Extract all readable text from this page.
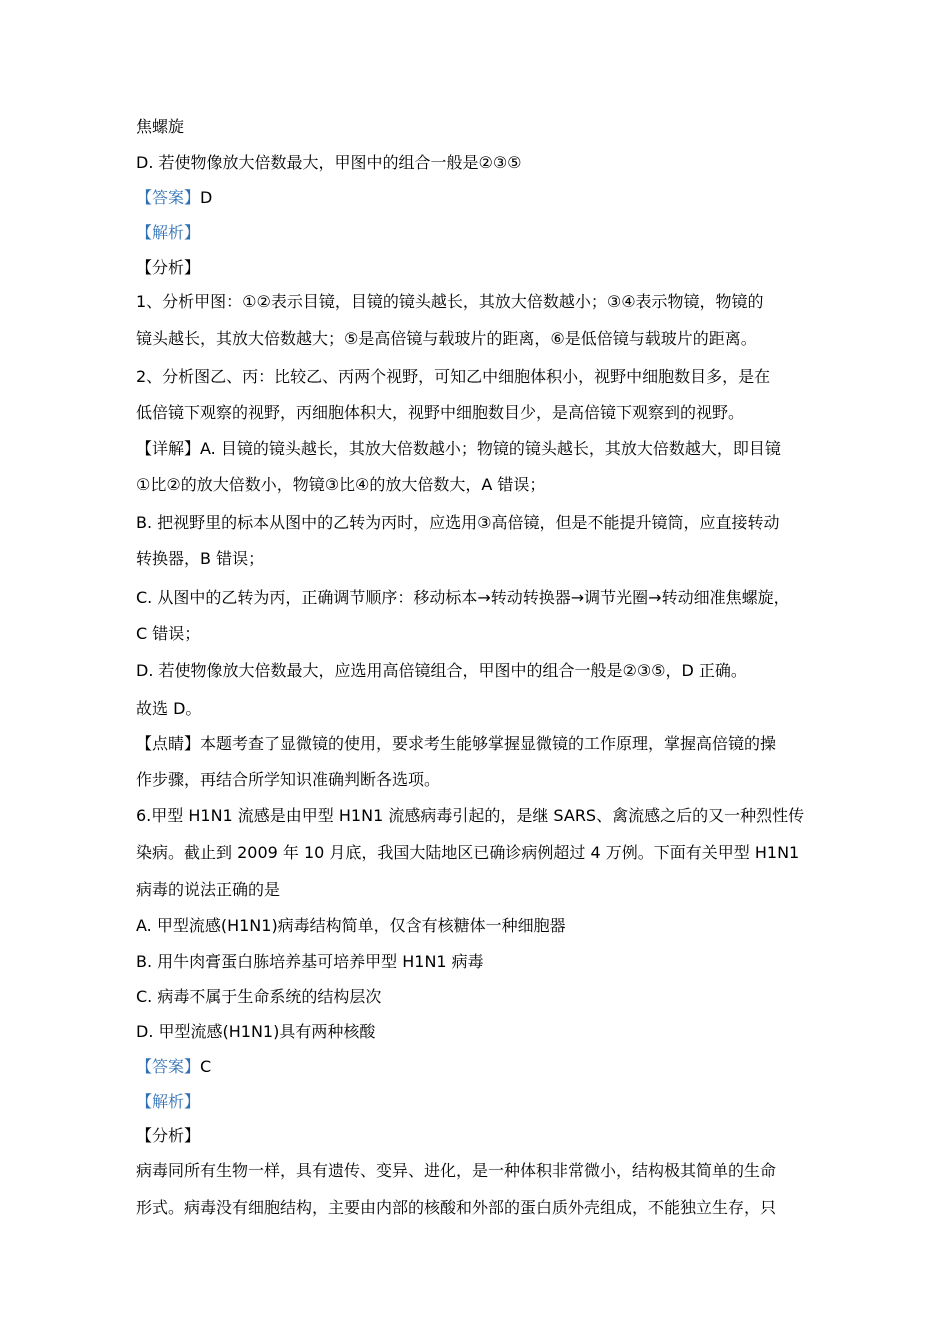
焦螺旋
D. 若使物像放大倍数最大，甲图中的组合一般是②③⑤
【答案】D
【解析】
【分析】
1、分析甲图：①②表示目镜，目镜的镜头越长，其放大倍数越小；③④表示物镜，物镜的
镜头越长，其放大倍数越大；⑤是高倍镜与载玻片的距离，⑥是低倍镜与载玻片的距离。
2、分析图乙、丙：比较乙、丙两个视野，可知乙中细胞体积小，视野中细胞数目多，是在
低倍镜下观察的视野，丙细胞体积大，视野中细胞数目少，是高倍镜下观察到的视野。
【详解】A. 目镜的镜头越长，其放大倍数越小；物镜的镜头越长，其放大倍数越大，即目镜
①比②的放大倍数小，物镜③比④的放大倍数大，A 错误；
B. 把视野里的标本从图中的乙转为丙时，应选用③高倍镜，但是不能提升镜筒，应直接转动
转换器，B 错误；
C. 从图中的乙转为丙，正确调节顺序：移动标本→转动转换器→调节光圈→转动细准焦螺旋，
C 错误；
D. 若使物像放大倍数最大，应选用高倍镜组合，甲图中的组合一般是②③⑤，D 正确。
故选 D。
【点睛】本题考查了显微镜的使用，要求考生能够掌握显微镜的工作原理，掌握高倍镜的操
作步骤，再结合所学知识准确判断各选项。
6.甲型 H1N1 流感是由甲型 H1N1 流感病毒引起的，是继 SARS、禽流感之后的又一种烈性传
染病。截止到 2009 年 10 月底，我国大陆地区已确诊病例超过 4 万例。下面有关甲型 H1N1
病毒的说法正确的是
A. 甲型流感(H1N1)病毒结构简单，仅含有核糖体一种细胞器
B. 用牛肉膏蛋白胨培养基可培养甲型 H1N1 病毒
C. 病毒不属于生命系统的结构层次
D. 甲型流感(H1N1)具有两种核酸
【答案】C
【解析】
【分析】
病毒同所有生物一样，具有遗传、变异、进化，是一种体积非常微小，结构极其简单的生命
形式。病毒没有细胞结构，主要由内部的核酸和外部的蛋白质外壳组成，不能独立生存，只
